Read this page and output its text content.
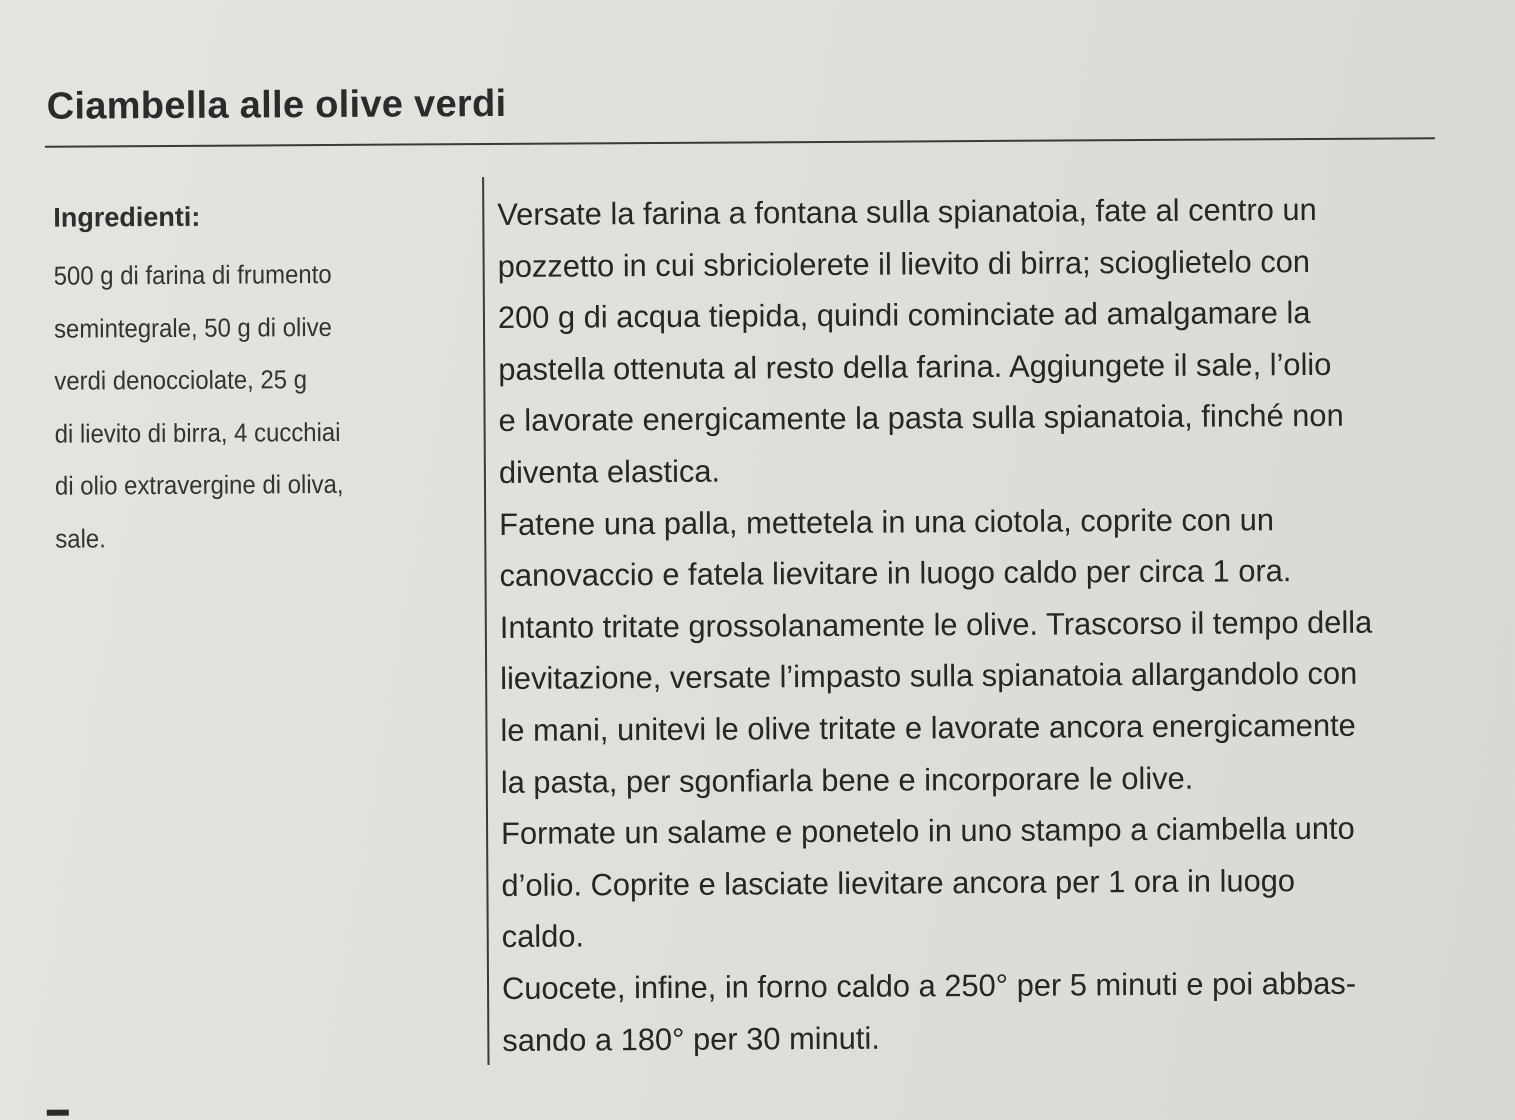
Ciambella alle olive verdi
Ingredienti:
500 g di farina di frumento
semintegrale, 50 g di olive
verdi denocciolate, 25 g
di lievito di birra, 4 cucchiai
di olio extravergine di oliva,
sale.
Versate la farina a fontana sulla spianatoia, fate al centro un
pozzetto in cui sbriciolerete il lievito di birra; scioglietelo con
200 g di acqua tiepida, quindi cominciate ad amalgamare la
pastella ottenuta al resto della farina. Aggiungete il sale, l’olio
e lavorate energicamente la pasta sulla spianatoia, finché non
diventa elastica.
Fatene una palla, mettetela in una ciotola, coprite con un
canovaccio e fatela lievitare in luogo caldo per circa 1 ora.
Intanto tritate grossolanamente le olive. Trascorso il tempo della
lievitazione, versate l’impasto sulla spianatoia allargandolo con
le mani, unitevi le olive tritate e lavorate ancora energicamente
la pasta, per sgonfiarla bene e incorporare le olive.
Formate un salame e ponetelo in uno stampo a ciambella unto
d’olio. Coprite e lasciate lievitare ancora per 1 ora in luogo
caldo.
Cuocete, infine, in forno caldo a 250° per 5 minuti e poi abbas-
sando a 180° per 30 minuti.
